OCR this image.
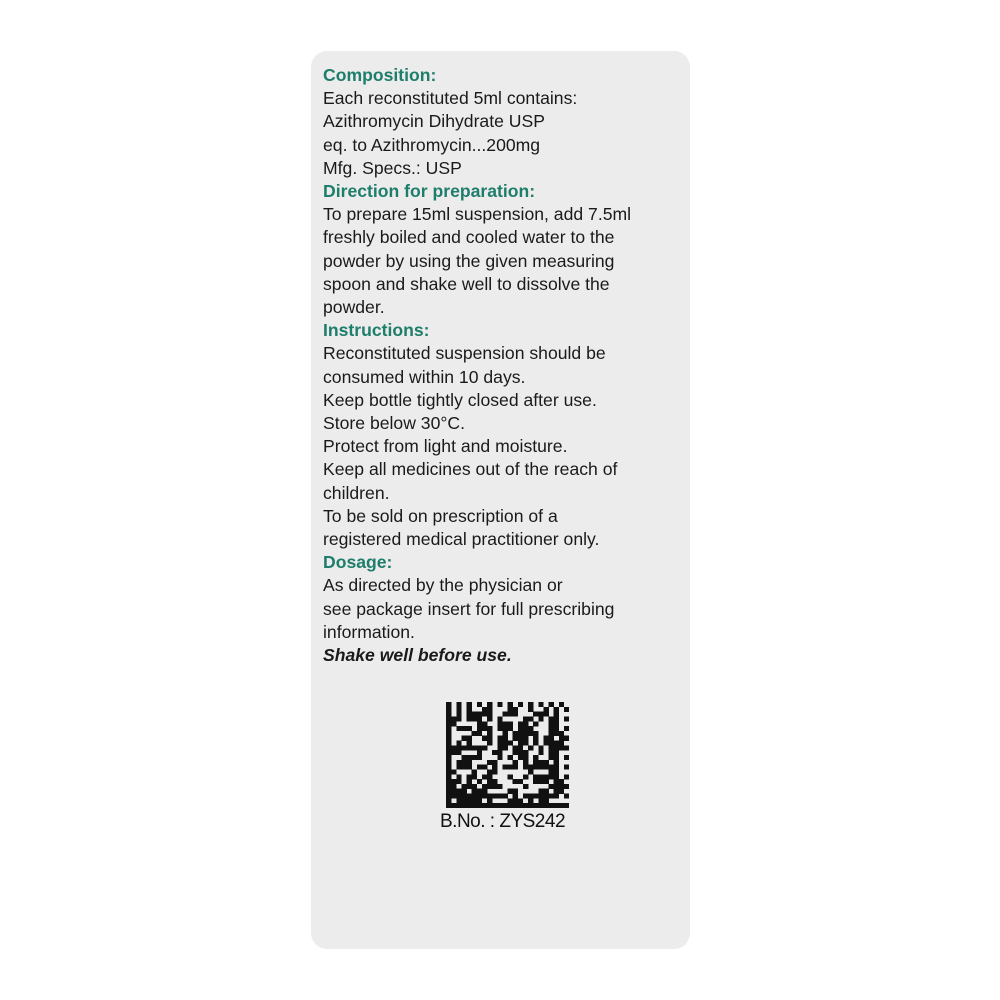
Composition:
Each reconstituted 5ml contains:
Azithromycin Dihydrate USP
eq. to Azithromycin...200mg
Mfg. Specs.: USP
Direction for preparation:
To prepare 15ml suspension, add 7.5ml
freshly boiled and cooled water to the
powder by using the given measuring
spoon and shake well to dissolve the
powder.
Instructions:
Reconstituted suspension should be
consumed within 10 days.
Keep bottle tightly closed after use.
Store below 30°C.
Protect from light and moisture.
Keep all medicines out of the reach of
children.
To be sold on prescription of a
registered medical practitioner only.
Dosage:
As directed by the physician or
see package insert for full prescribing
information.
Shake well before use.
B.No. : ZYS242
